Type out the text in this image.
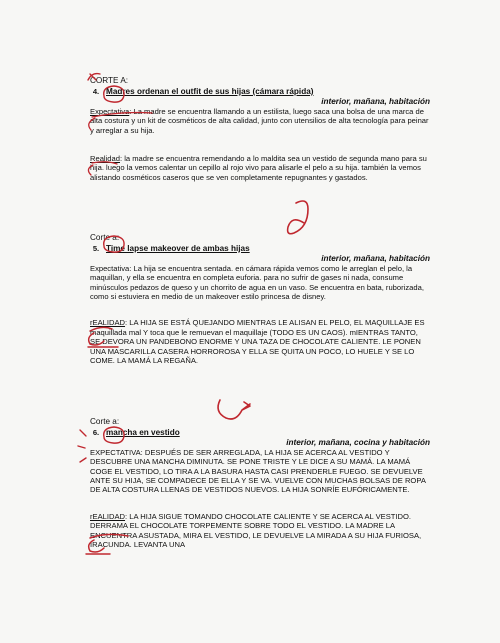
CORTE A:
4. Madres ordenan el outfit de sus hijas (cámara rápida)
interior, mañana, habitación

Expectativa: La madre se encuentra llamando a un estilista, luego saca una bolsa de una marca de alta costura y un kit de cosméticos de alta calidad, junto con utensilios de alta tecnología para peinar y arreglar a su hija.

Realidad: la madre se encuentra remendando a lo maldita sea un vestido de segunda mano para su hija. luego la vemos calentar un cepillo al rojo vivo para alisarle el pelo a su hija. también la vemos alistando cosméticos caseros que se ven completamente repugnantes y gastados.

Corte a:
5. Time lapse makeover de ambas hijas
interior, mañana, habitación

Expectativa: La hija se encuentra sentada. en cámara rápida vemos como le arreglan el pelo, la maquillan, y ella se encuentra en completa euforia. para no sufrir de gases ni nada, consume minúsculos pedazos de queso y un chorrito de agua en un vaso. Se encuentra en bata, ruborizada, como si estuviera en medio de un makeover estilo princesa de disney.

rEALIDAD: LA HIJA SE ESTÁ QUEJANDO MIENTRAS LE ALISAN EL PELO, EL MAQUILLAJE ES maquillada mal Y toca que le remuevan el maquillaje (TODO ES UN CAOS). mIENTRAS TANTO, SE DEVORA UN PANDEBONO ENORME Y UNA TAZA DE CHOCOLATE CALIENTE. LE PONEN UNA MASCARILLA CASERA HORROROSA Y ELLA SE QUITA UN POCO, LO HUELE Y SE LO COME. LA MAMÁ LA REGAÑA.

Corte a:
6. mancha en vestido
interior, mañana, cocina y habitación

EXPECTATIVA: DESPUÉS DE SER ARREGLADA, LA HIJA SE ACERCA AL VESTIDO Y DESCUBRE UNA MANCHA DIMINUTA. SE PONE TRISTE Y LE DICE A SU MAMÁ. LA MAMÁ COGE EL VESTIDO, LO TIRA A LA BASURA HASTA CASI PRENDERLE FUEGO. SE DEVUELVE ANTE SU HIJA, SE COMPADECE DE ELLA Y SE VA. VUELVE CON MUCHAS BOLSAS DE ROPA DE ALTA COSTURA LLENAS DE VESTIDOS NUEVOS. LA HIJA SONRÍE EUFÓRICAMENTE.

rEALIDAD: LA HIJA SIGUE TOMANDO CHOCOLATE CALIENTE Y SE ACERCA AL VESTIDO. DERRAMA EL CHOCOLATE TORPEMENTE SOBRE TODO EL VESTIDO. LA MADRE LA ENCUENTRA ASUSTADA, MIRA EL VESTIDO, LE DEVUELVE LA MIRADA A SU HIJA FURIOSA, IRACUNDA. LEVANTA UNA
